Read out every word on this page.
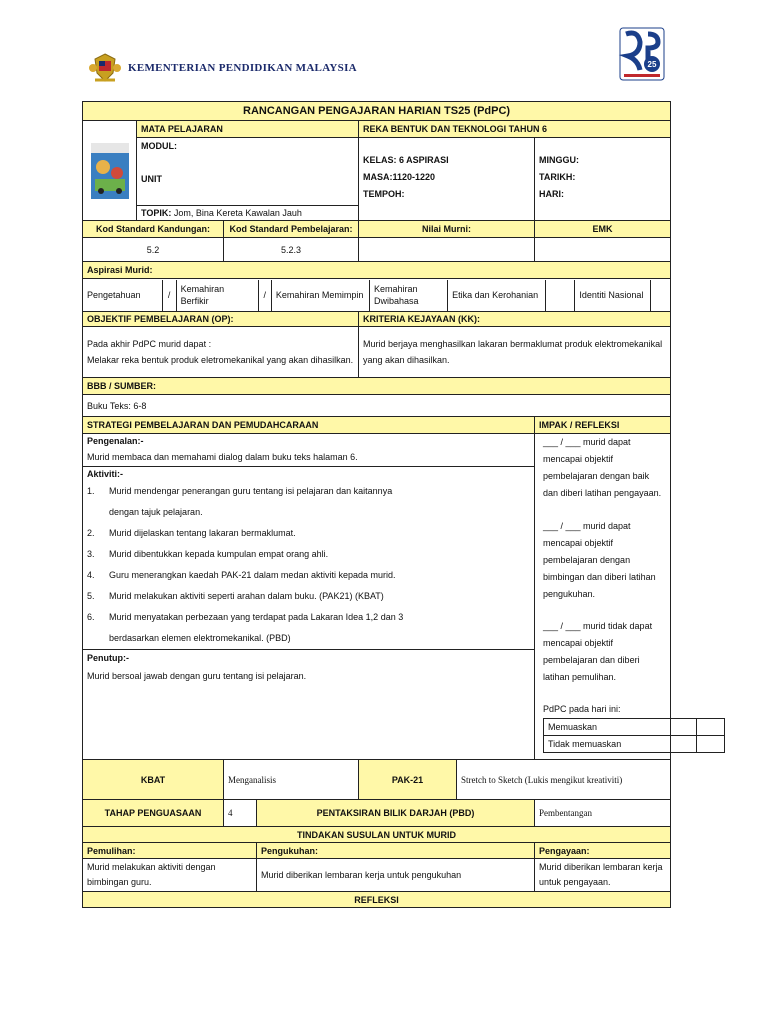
KEMENTERIAN PENDIDIKAN MALAYSIA	25
RANCANGAN PENGAJARAN HARIAN TS25 (PdPC)

	MATA PELAJARAN	REKA BENTUK DAN TEKNOLOGI TAHUN 6

MODUL:
UNIT

KELAS: 6 ASPIRASI
MASA:1120-1220
TEMPOH:

MINGGU:
TARIKH:
HARI:

TOPIK: Jom, Bina Kereta Kawalan Jauh
Kod Standard Kandungan:	Kod Standard Pembelajaran:	Nilai Murni:	EMK
5.2	5.2.3		
Aspirasi Murid:

Pengetahuan	/	Kemahiran Berfikir	/	Kemahiran Memimpin	Kemahiran Dwibahasa	Etika dan Kerohanian		Identiti Nasional	

OBJEKTIF PEMBELAJARAN (OP):	KRITERIA KEJAYAAN (KK):

Pada akhir PdPC murid dapat :
Melakar reka bentuk produk eletromekanikal yang akan dihasilkan.
	Murid berjaya menghasilkan lakaran bermaklumat produk elektromekanikal yang akan dihasilkan.
BBB / SUMBER:
Buku Teks: 6-8
STRATEGI PEMBELAJARAN DAN PEMUDAHCARAAN	IMPAK / REFLEKSI

Pengenalan:-
Murid membaca dan memahami dialog dalam buku teks halaman 6.
Aktiviti:-
1.	Murid mendengar penerangan guru tentang isi pelajaran dan kaitannya
dengan tajuk pelajaran.
2.	Murid dijelaskan tentang lakaran bermaklumat.
3.	Murid dibentukkan kepada kumpulan empat orang ahli.
4.	Guru menerangkan kaedah PAK-21 dalam medan aktiviti kepada murid.
5.	Murid melakukan aktiviti seperti arahan dalam buku. (PAK21) (KBAT)
6.	Murid menyatakan perbezaan yang terdapat pada Lakaran Idea 1,2 dan 3
berdasarkan elemen elektromekanikal. (PBD)
Penutup:-
Murid bersoal jawab dengan guru tentang isi pelajaran.

___ / ___ murid dapat mencapai objektif pembelajaran dengan baik dan diberi latihan pengayaan.
___ / ___ murid dapat mencapai objektif pembelajaran dengan bimbingan dan diberi latihan pengukuhan.
___ / ___ murid tidak dapat mencapai objektif pembelajaran dan diberi latihan pemulihan.
PdPC pada hari ini:
Memuaskan	
Tidak memuaskan	

KBAT	Menganalisis	PAK-21	Stretch to Sketch (Lukis mengikut kreativiti)
TAHAP PENGUASAAN	4	PENTAKSIRAN BILIK DARJAH (PBD)	Pembentangan
TINDAKAN SUSULAN UNTUK MURID
Pemulihan:	Pengukuhan:	Pengayaan:
Murid melakukan aktiviti dengan bimbingan guru.	Murid diberikan lembaran kerja untuk pengukuhan	Murid diberikan lembaran kerja untuk pengayaan.
REFLEKSI
